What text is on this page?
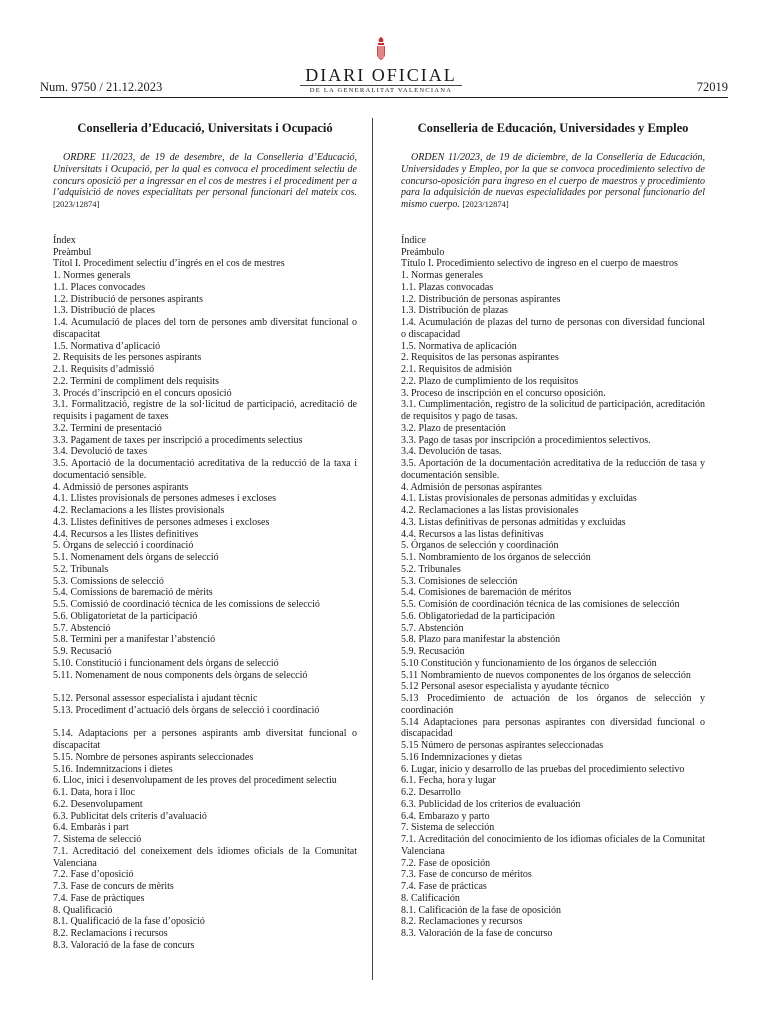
Num. 9750 / 21.12.2023
DIARI OFICIAL
DE LA GENERALITAT VALENCIANA	72019
Conselleria d’Educació, Universitats i Ocupació

ORDRE 11/2023, de 19 de desembre, de la Conselleria d’Educació, Universitats i Ocupació, per la qual es convoca el procediment selectiu de concurs oposició per a ingressar en el cos de mestres i el procediment per a l’adquisició de noves especialitats per personal funcionari del mateix cos. [2023/12874]

Índex
Preàmbul
Títol I. Procediment selectiu d’ingrés en el cos de mestres
1. Normes generals
1.1. Places convocades
1.2. Distribució de persones aspirants
1.3. Distribució de places
1.4. Acumulació de places del torn de persones amb diversitat funcional o discapacitat
1.5. Normativa d’aplicació
2. Requisits de les persones aspirants
2.1. Requisits d’admissió
2.2. Termini de compliment dels requisits
3. Procés d’inscripció en el concurs oposició
3.1. Formalització, registre de la sol·licitud de participació, acreditació de requisits i pagament de taxes
3.2. Termini de presentació
3.3. Pagament de taxes per inscripció a procediments selectius
3.4. Devolució de taxes
3.5. Aportació de la documentació acreditativa de la reducció de la taxa i documentació sensible.
4. Admissió de persones aspirants
4.1. Llistes provisionals de persones admeses i excloses
4.2. Reclamacions a les llistes provisionals
4.3. Llistes definitives de persones admeses i excloses
4.4. Recursos a les llistes definitives
5. Òrgans de selecció i coordinació
5.1. Nomenament dels òrgans de selecció
5.2. Tribunals
5.3. Comissions de selecció
5.4. Comissions de baremació de mèrits
5.5. Comissió de coordinació tècnica de les comissions de selecció
5.6. Obligatorietat de la participació
5.7. Abstenció
5.8. Termini per a manifestar l’abstenció
5.9. Recusació
5.10. Constitució i funcionament dels òrgans de selecció
5.11. Nomenament de nous components dels òrgans de selecció
5.12. Personal assessor especialista i ajudant tècnic
5.13. Procediment d’actuació dels òrgans de selecció i coordinació
5.14. Adaptacions per a persones aspirants amb diversitat funcional o discapacitat
5.15. Nombre de persones aspirants seleccionades
5.16. Indemnitzacions i dietes
6. Lloc, inici i desenvolupament de les proves del procediment selectiu
6.1. Data, hora i lloc
6.2. Desenvolupament
6.3. Publicitat dels criteris d’avaluació
6.4. Embaràs i part
7. Sistema de selecció
7.1. Acreditació del coneixement dels idiomes oficials de la Comunitat Valenciana
7.2. Fase d’oposició
7.3. Fase de concurs de mèrits
7.4. Fase de pràctiques
8. Qualificació
8.1. Qualificació de la fase d’oposició
8.2. Reclamacions i recursos
8.3. Valoració de la fase de concurs
Conselleria de Educación, Universidades y Empleo

ORDEN 11/2023, de 19 de diciembre, de la Conselleria de Educación, Universidades y Empleo, por la que se convoca procedimiento selectivo de concurso-oposición para ingreso en el cuerpo de maestros y procedimiento para la adquisición de nuevas especialidades por personal funcionario del mismo cuerpo. [2023/12874]

Índice
Preámbulo
Título I. Procedimiento selectivo de ingreso en el cuerpo de maestros
1. Normas generales
1.1. Plazas convocadas
1.2. Distribución de personas aspirantes
1.3. Distribución de plazas
1.4. Acumulación de plazas del turno de personas con diversidad funcional o discapacidad
1.5. Normativa de aplicación
2. Requisitos de las personas aspirantes
2.1. Requisitos de admisión
2.2. Plazo de cumplimiento de los requisitos
3. Proceso de inscripción en el concurso oposición.
3.1. Cumplimentación, registro de la solicitud de participación, acreditación de requisitos y pago de tasas.
3.2. Plazo de presentación
3.3. Pago de tasas por inscripción a procedimientos selectivos.
3.4. Devolución de tasas.
3.5. Aportación de la documentación acreditativa de la reducción de tasa y documentación sensible.
4. Admisión de personas aspirantes
4.1. Listas provisionales de personas admitidas y excluidas
4.2. Reclamaciones a las listas provisionales
4.3. Listas definitivas de personas admitidas y excluidas
4.4. Recursos a las listas definitivas
5. Órganos de selección y coordinación
5.1. Nombramiento de los órganos de selección
5.2. Tribunales
5.3. Comisiones de selección
5.4. Comisiones de baremación de méritos
5.5. Comisión de coordinación técnica de las comisiones de selección
5.6. Obligatoriedad de la participación
5.7. Abstención
5.8. Plazo para manifestar la abstención
5.9. Recusación
5.10 Constitución y funcionamiento de los órganos de selección
5.11 Nombramiento de nuevos componentes de los órganos de selección
5.12 Personal asesor especialista y ayudante técnico
5.13 Procedimiento de actuación de los órganos de selección y coordinación
5.14 Adaptaciones para personas aspirantes con diversidad funcional o discapacidad
5.15 Número de personas aspirantes seleccionadas
5.16 Indemnizaciones y dietas
6. Lugar, inicio y desarrollo de las pruebas del procedimiento selectivo
6.1. Fecha, hora y lugar
6.2. Desarrollo
6.3. Publicidad de los criterios de evaluación
6.4. Embarazo y parto
7. Sistema de selección
7.1. Acreditación del conocimiento de los idiomas oficiales de la Comunitat Valenciana
7.2. Fase de oposición
7.3. Fase de concurso de méritos
7.4. Fase de prácticas
8. Calificación
8.1. Calificación de la fase de oposición
8.2. Reclamaciones y recursos
8.3. Valoración de la fase de concurso
